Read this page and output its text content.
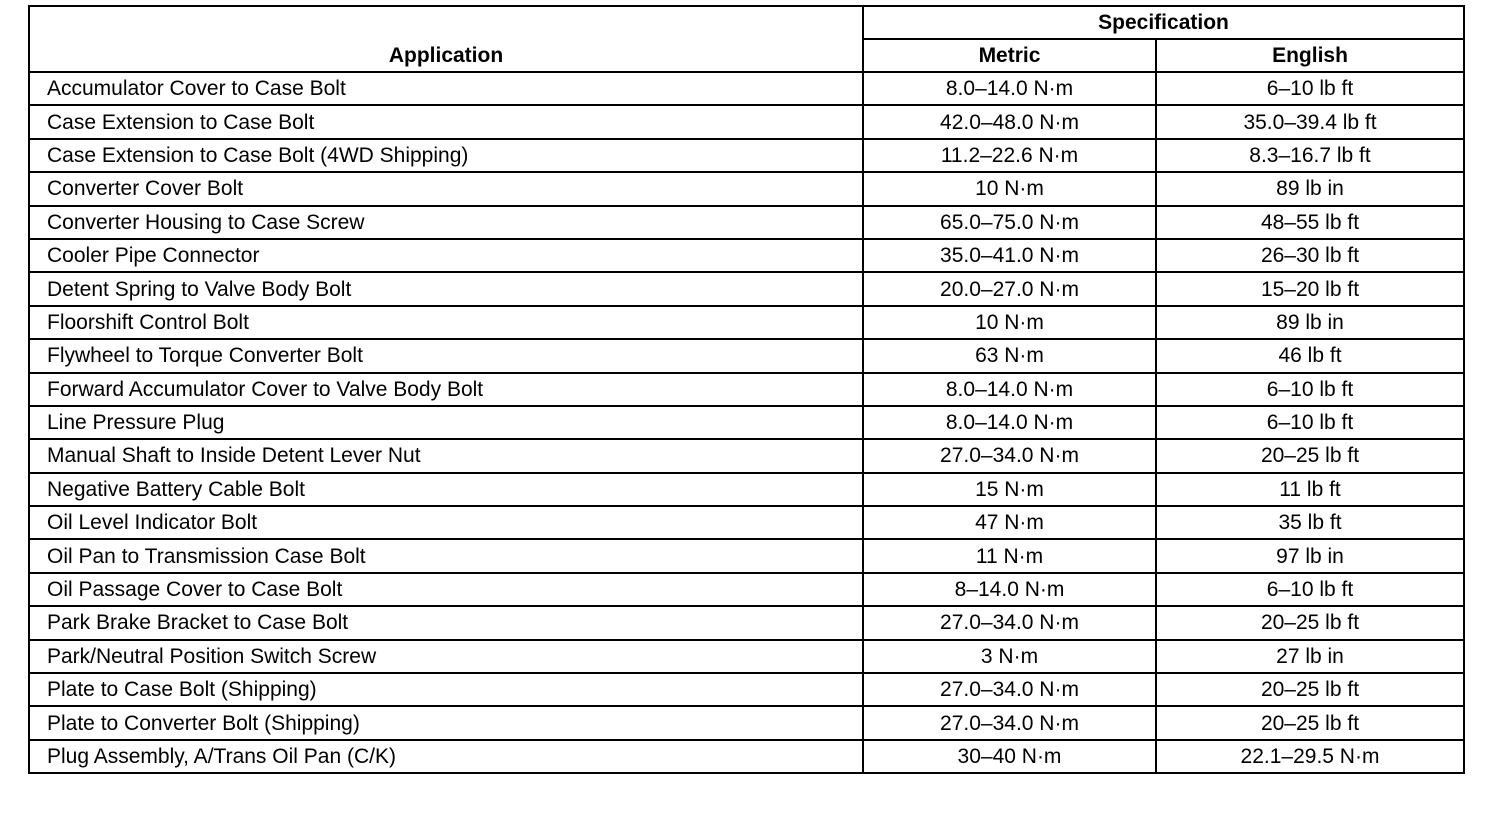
Application	Specification	
	Metric	English
Accumulator Cover to Case Bolt	8.0–14.0 N·m	6–10 lb ft
Case Extension to Case Bolt	42.0–48.0 N·m	35.0–39.4 lb ft
Case Extension to Case Bolt (4WD Shipping)	11.2–22.6 N·m	8.3–16.7 lb ft
Converter Cover Bolt	10 N·m	89 lb in
Converter Housing to Case Screw	65.0–75.0 N·m	48–55 lb ft
Cooler Pipe Connector	35.0–41.0 N·m	26–30 lb ft
Detent Spring to Valve Body Bolt	20.0–27.0 N·m	15–20 lb ft
Floorshift Control Bolt	10 N·m	89 lb in
Flywheel to Torque Converter Bolt	63 N·m	46 lb ft
Forward Accumulator Cover to Valve Body Bolt	8.0–14.0 N·m	6–10 lb ft
Line Pressure Plug	8.0–14.0 N·m	6–10 lb ft
Manual Shaft to Inside Detent Lever Nut	27.0–34.0 N·m	20–25 lb ft
Negative Battery Cable Bolt	15 N·m	11 lb ft
Oil Level Indicator Bolt	47 N·m	35 lb ft
Oil Pan to Transmission Case Bolt	11 N·m	97 lb in
Oil Passage Cover to Case Bolt	8–14.0 N·m	6–10 lb ft
Park Brake Bracket to Case Bolt	27.0–34.0 N·m	20–25 lb ft
Park/Neutral Position Switch Screw	3 N·m	27 lb in
Plate to Case Bolt (Shipping)	27.0–34.0 N·m	20–25 lb ft
Plate to Converter Bolt (Shipping)	27.0–34.0 N·m	20–25 lb ft
Plug Assembly, A/Trans Oil Pan (C/K)	30–40 N·m	22.1–29.5 N·m
